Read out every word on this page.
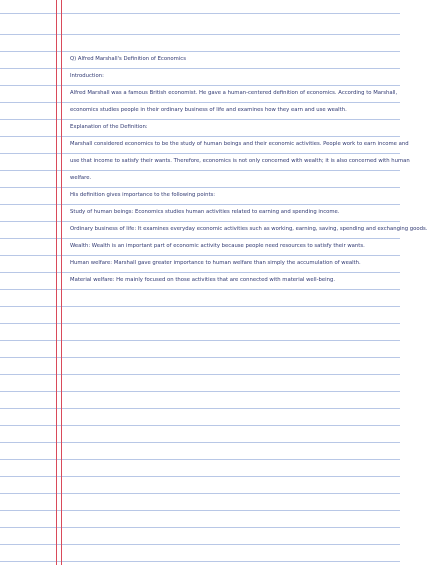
Q) Alfred Marshall's Definition of Economics
Introduction:
Alfred Marshall was a famous British economist. He gave a human-centered definition of economics. According to Marshall,
economics studies people in their ordinary business of life and examines how they earn and use wealth.
Explanation of the Definition:
Marshall considered economics to be the study of human beings and their economic activities. People work to earn income and
use that income to satisfy their wants. Therefore, economics is not only concerned with wealth; it is also concerned with human
welfare.
His definition gives importance to the following points:
Study of human beings: Economics studies human activities related to earning and spending income.
Ordinary business of life: It examines everyday economic activities such as working, earning, saving, spending and exchanging goods.
Wealth: Wealth is an important part of economic activity because people need resources to satisfy their wants.
Human welfare: Marshall gave greater importance to human welfare than simply the accumulation of wealth.
Material welfare: He mainly focused on those activities that are connected with material well-being.
